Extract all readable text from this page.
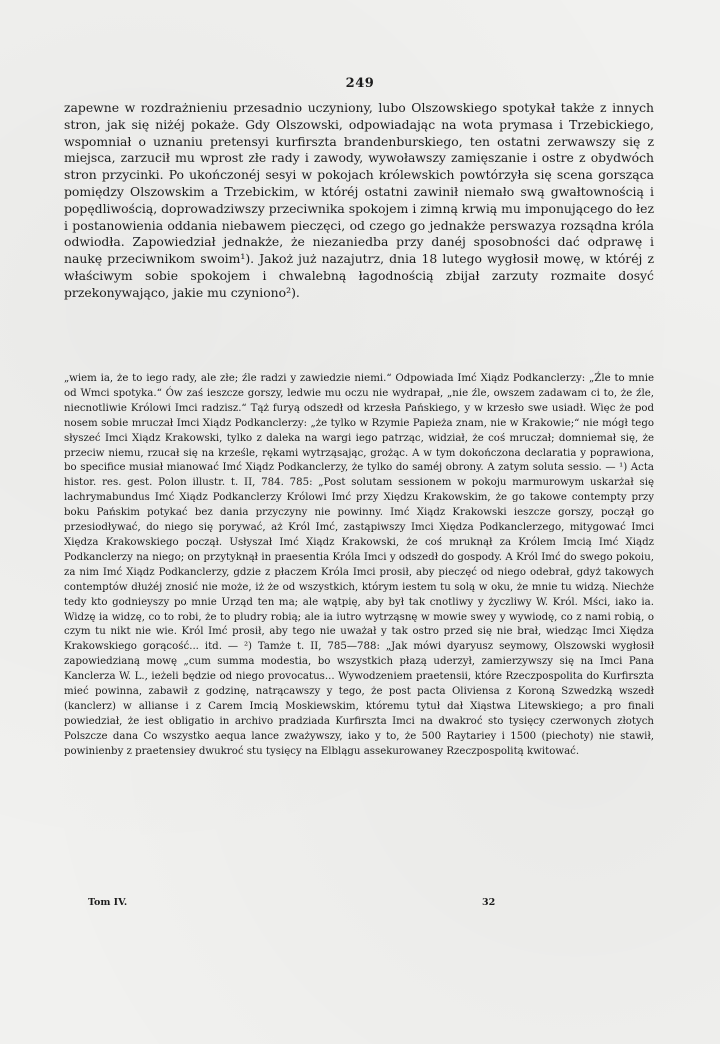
249

zapewne w rozdrażnieniu przesadnio uczyniony, lubo Olszowskiego spotykał także z innych stron, jak się niżéj pokaże. Gdy Olszowski, odpowiadając na wota prymasa i Trzebickiego, wspomniał o uznaniu pretensyi kurfirszta brandenburskiego, ten ostatni zerwawszy się z miejsca, zarzucił mu wprost złe rady i zawody, wywoławszy zamięszanie i ostre z obydwóch stron przycinki. Po ukończonéj sesyi w pokojach królewskich powtórzyła się scena gorsząca pomiędzy Olszowskim a Trzebickim, w któréj ostatni zawinił niemało swą gwałtownością i popędliwością, doprowadziwszy przeciwnika spokojem i zimną krwią mu imponującego do łez i postanowienia oddania niebawem pieczęci, od czego go jednakże perswazya rozsądna króla odwiodła. Zapowiedział jednakże, że niezaniedba przy danéj sposobności dać odprawę i naukę przeciwnikom swoim¹). Jakoż już nazajutrz, dnia 18 lutego wygłosił mowę, w któréj z właściwym sobie spokojem i chwalebną łagodnością zbijał zarzuty rozmaite dosyć przekonywająco, jakie mu czyniono²).

„wiem ia, że to iego rady, ale złe; źle radzi y zawiedzie niemi.“ Odpowiada Imć Xiądz Podkanclerzy: „Źle to mnie od Wmci spotyka.“ Ów zaś ieszcze gorszy, ledwie mu oczu nie wydrapał, „nie źle, owszem zadawam ci to, że źle, niecnotliwie Królowi Imci radzisz.“ Tąż furyą odszedł od krzesła Pańskiego, y w krzesło swe usiadł. Więc że pod nosem sobie mruczał Imci Xiądz Podkanclerzy: „że tylko w Rzymie Papieża znam, nie w Krakowie;“ nie mógł tego słyszeć Imci Xiądz Krakowski, tylko z daleka na wargi iego patrząc, widział, że coś mruczał; domniemał się, że przeciw niemu, rzucał się na krześle, rękami wytrząsając, grożąc. A w tym dokończona declaratia y poprawiona, bo specifice musiał mianować Imć Xiądz Podkanclerzy, że tylko do saméj obrony. A zatym soluta sessio. — ¹) Acta histor. res. gest. Polon illustr. t. II, 784. 785: „Post solutam sessionem w pokoju marmurowym uskarżał się lachrymabundus Imć Xiądz Podkanclerzy Królowi Imć przy Xiędzu Krakowskim, że go takowe contempty przy boku Pańskim potykać bez dania przyczyny nie powinny. Imć Xiądz Krakowski ieszcze gorszy, począł go przesiodływać, do niego się porywać, aż Król Imć, zastąpiwszy Imci Xiędza Podkanclerzego, mitygować Imci Xiędza Krakowskiego począł. Usłyszał Imć Xiądz Krakowski, że coś mruknął za Królem Imcią Imć Xiądz Podkanclerzy na niego; on przytyknął in praesentia Króla Imci y odszedł do gospody. A Król Imć do swego pokoiu, za nim Imć Xiądz Podkanclerzy, gdzie z płaczem Króla Imci prosił, aby pieczęć od niego odebrał, gdyż takowych contemptów dłużéj znosić nie może, iż że od wszystkich, którym iestem tu solą w oku, że mnie tu widzą. Niechże tedy kto godnieyszy po mnie Urząd ten ma; ale wątpię, aby był tak cnotliwy y życzliwy W. Król. Mści, iako ia. Widzę ia widzę, co to robi, że to pludry robią; ale ia iutro wytrząsnę w mowie swey y wywiodę, co z nami robią, o czym tu nikt nie wie. Król Imć prosił, aby tego nie uważał y tak ostro przed się nie brał, wiedząc Imci Xiędza Krakowskiego gorącość... itd. — ²) Tamże t. II, 785—788: „Jak mówi dyaryusz seymowy, Olszowski wygłosił zapowiedzianą mowę „cum summa modestia, bo wszystkich płazą uderzył, zamierzywszy się na Imci Pana Kanclerza W. L., ieżeli będzie od niego provocatus... Wywodzeniem praetensii, które Rzeczpospolita do Kurfirszta mieć powinna, zabawił z godzinę, natrącawszy y tego, że post pacta Oliviensa z Koroną Szwedzką wszedł (kanclerz) w allianse i z Carem Imcią Moskiewskim, któremu tytuł dał Xiąstwa Litewskiego; a pro finali powiedział, że iest obligatio in archivo pradziada Kurfirszta Imci na dwakroć sto tysięcy czerwonych złotych Polszcze dana Co wszystko aequa lance zważywszy, iako y to, że 500 Raytariey i 1500 (piechoty) nie stawił, powinienby z praetensiey dwukroć stu tysięcy na Elblągu assekurowaney Rzeczpospolitą kwitować.

Tom IV.	32
